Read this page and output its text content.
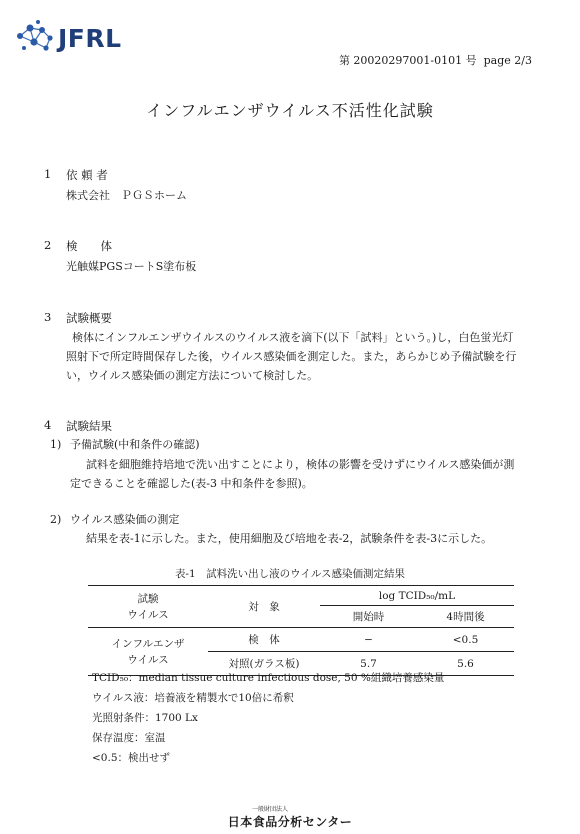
JFRL
第 20020297001-0101 号 page 2/3
インフルエンザウイルス不活性化試験
1 依 頼 者
株式会社　ＰＧＳホーム
2 検　　体
光触媒PGSコートS塗布板
3 試験概要
検体にインフルエンザウイルスのウイルス液を滴下(以下「試料」という。)し，白色蛍光灯
照射下で所定時間保存した後，ウイルス感染価を測定した。また，あらかじめ予備試験を行
い，ウイルス感染価の測定方法について検討した。
4 試験結果
1) 予備試験(中和条件の確認)
試料を細胞維持培地で洗い出すことにより，検体の影響を受けずにウイルス感染価が測
定できることを確認した(表-3 中和条件を参照)。
2) ウイルス感染価の測定
結果を表-1に示した。また，使用細胞及び培地を表-2，試験条件を表-3に示した。
表-1　試料洗い出し液のウイルス感染価測定結果
試験
ウイルス	対　象	log TCID₅₀/mL	
		開始時	4時間後

インフルエンザ
ウイルス	検　体	−	<0.5
	対照(ガラス板)	5.7	5.6
TCID₅₀：median tissue culture infectious dose, 50 %組織培養感染量
ウイルス液：培養液を精製水で10倍に希釈
光照射条件：1700 Lx
保存温度：室温
<0.5：検出せず
一般財団法人
日本食品分析センター
